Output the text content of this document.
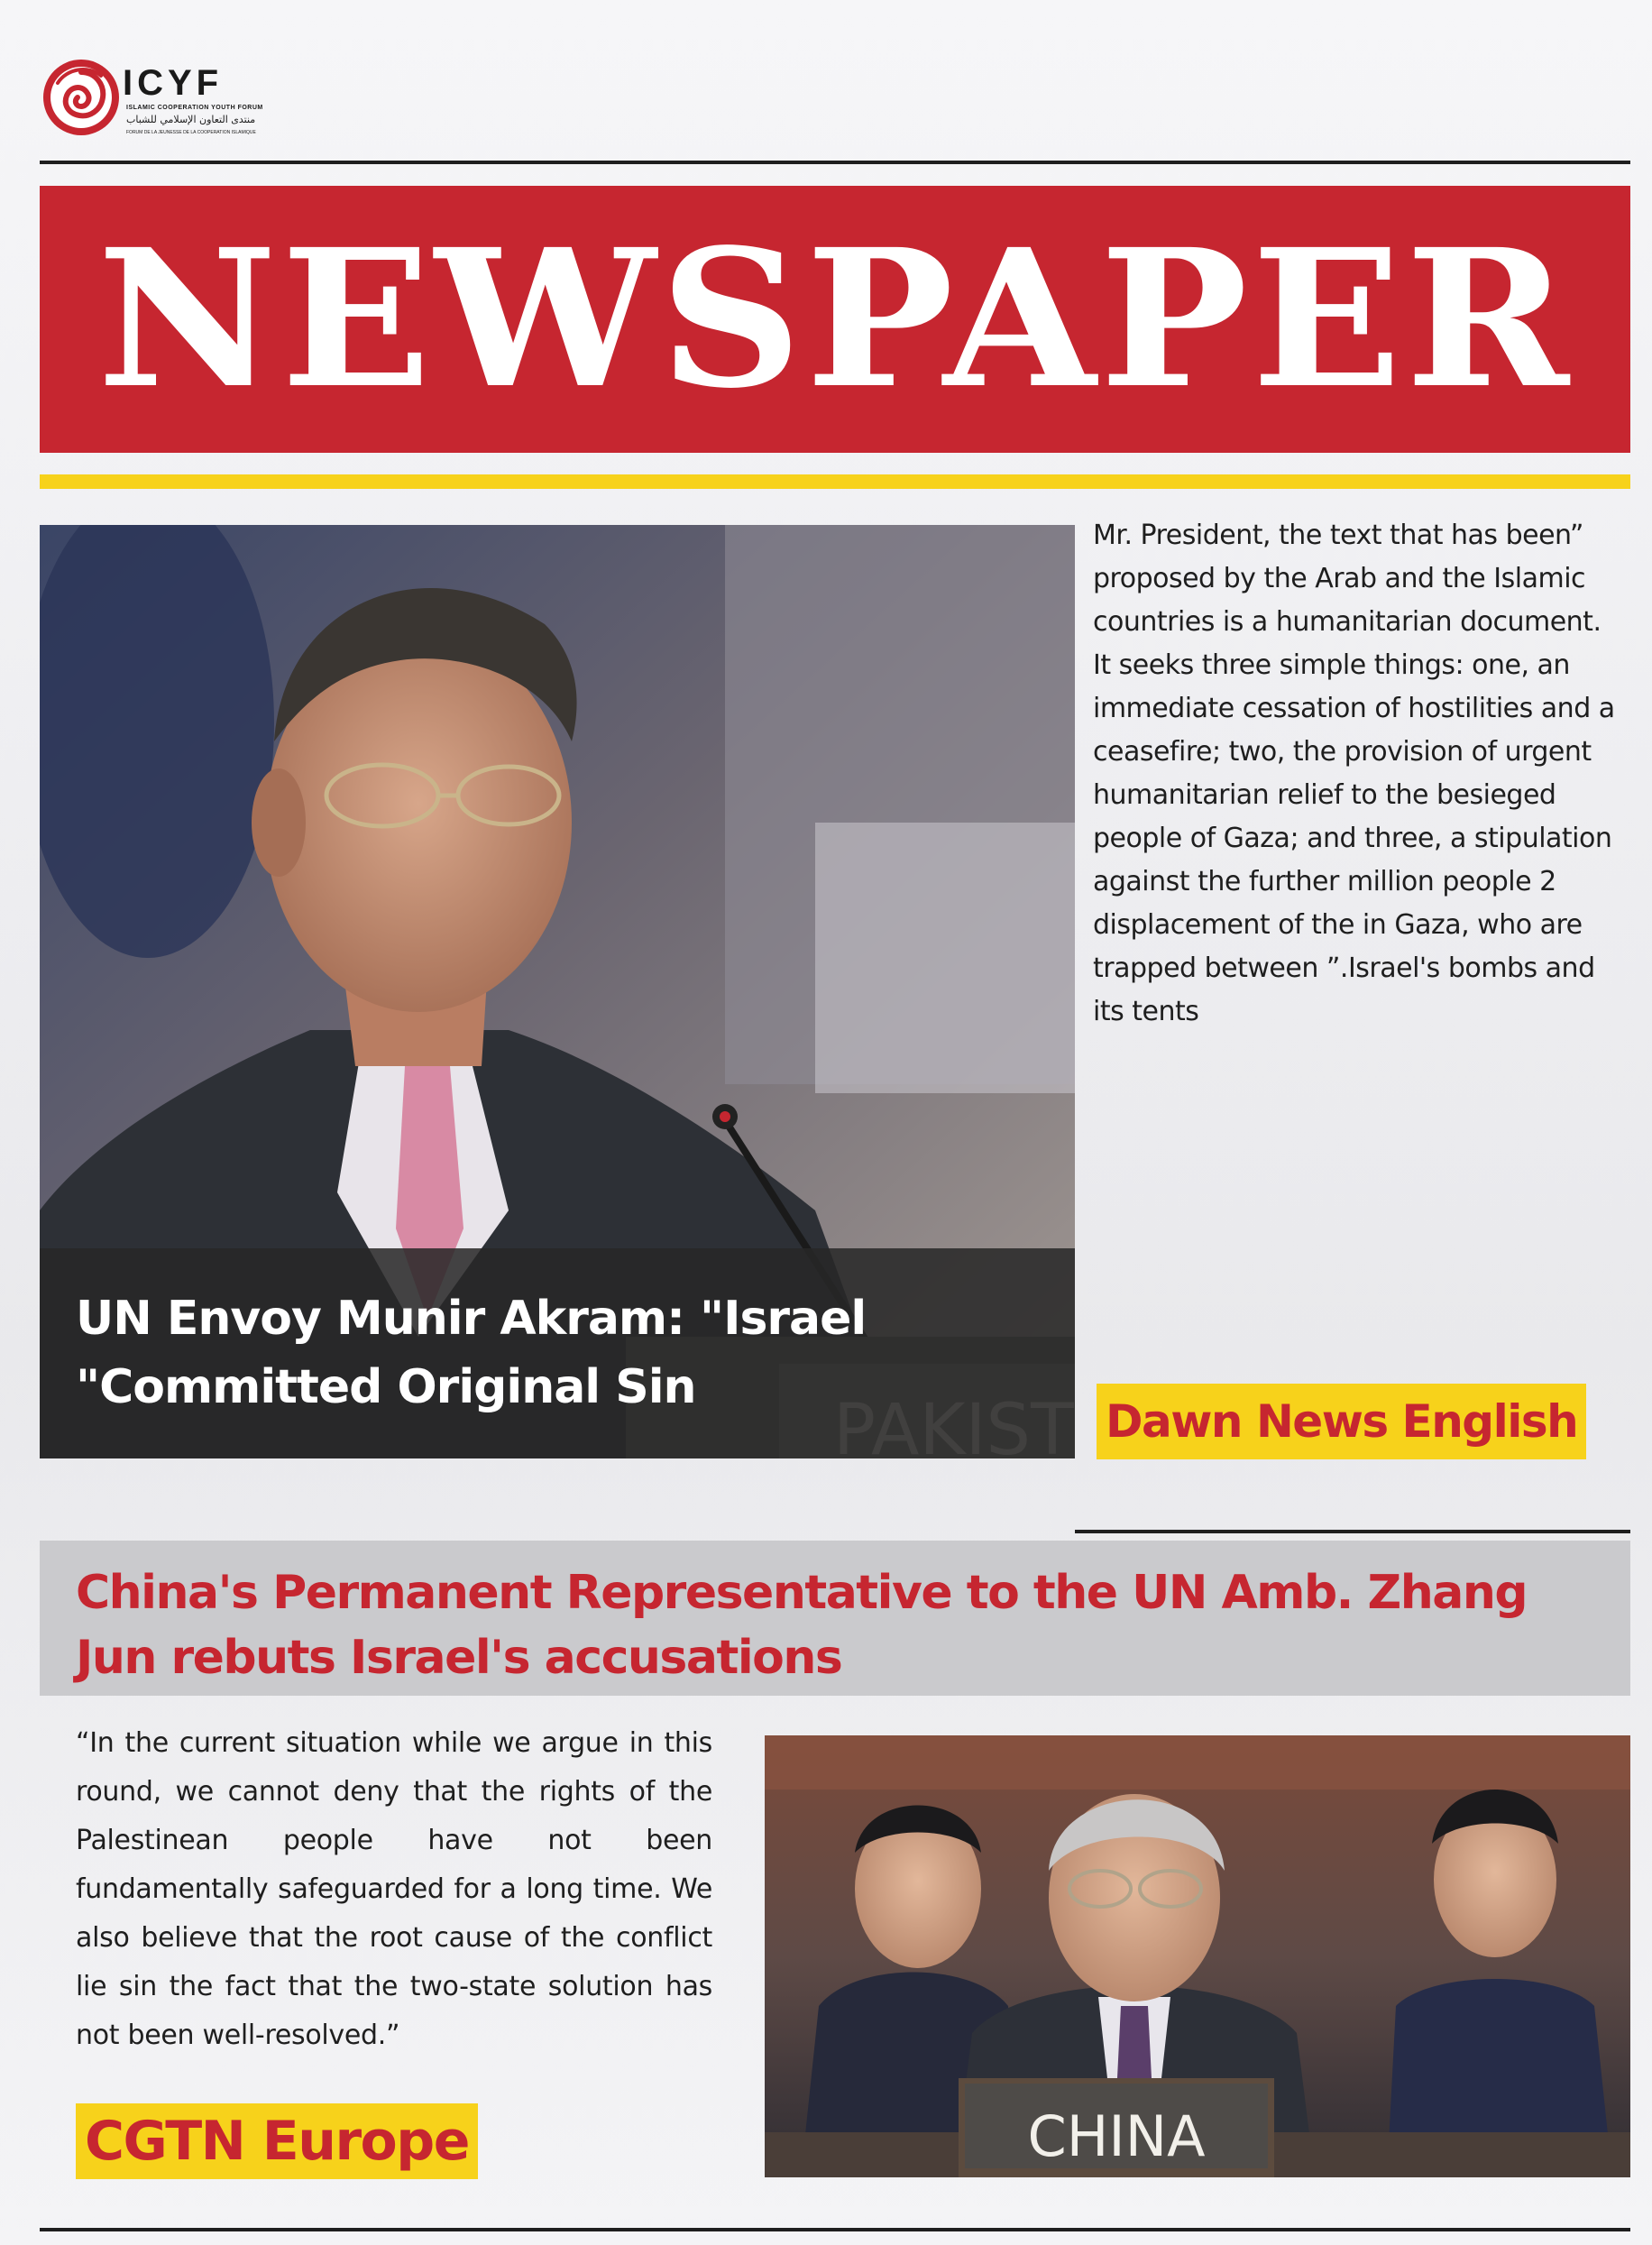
ICYF
ISLAMIC COOPERATION YOUTH FORUM
منتدى التعاون الإسلامي للشباب
FORUM DE LA JEUNESSE DE LA COOPERATION ISLAMIQUE
NEWSPAPER
UN Envoy Munir Akram: "Israel "Committed Original Sin
Mr. President, the text that has been” proposed by the Arab and the Islamic countries is a humanitarian document. It seeks three simple things: one, an immediate cessation of hostilities and a ceasefire; two, the provision of urgent humanitarian relief to the besieged people of Gaza; and three, a stipulation against the further million people 2 displacement of the in Gaza, who are trapped between ”.Israel's bombs and its tents
Dawn News English
China's Permanent Representative to the UN Amb. Zhang Jun rebuts Israel's accusations
“In the current situation while we argue in this round, we cannot deny that the rights of the Palestinean people have not been fundamentally safeguarded for a long time. We also believe that the root cause of the conflict lie sin the fact that the two-state solution has not been well-resolved.”
CGTN Europe	CHINA
